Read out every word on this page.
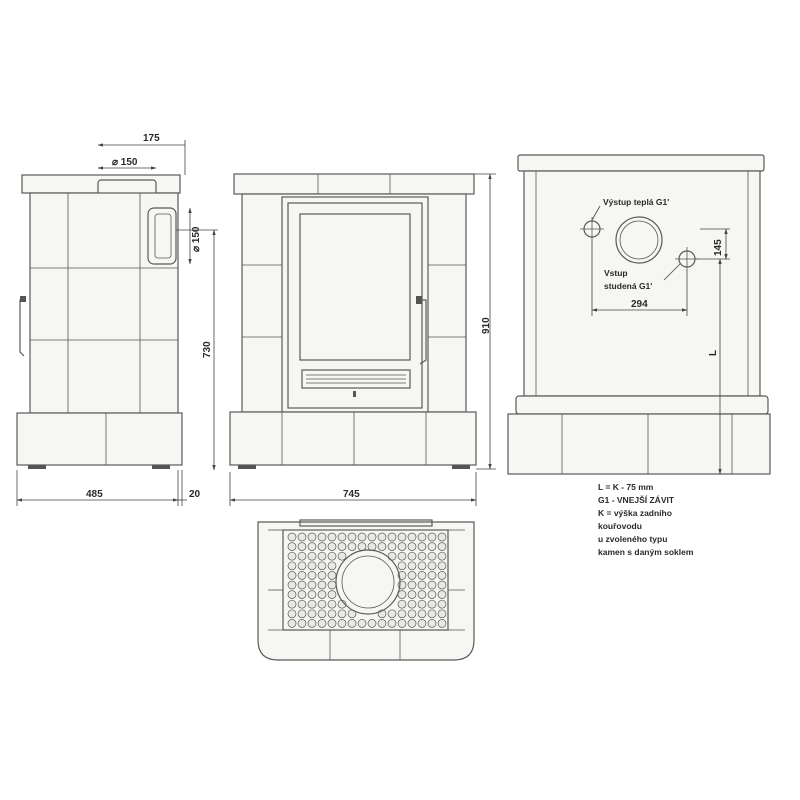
175
⌀ 150
⌀ 150
730
485	20
910
745
Výstup teplá G1'
Vstup
studená G1'
294
145
L
L = K - 75 mm
G1 - VNEJŠÍ ZÁVIT
K = výška zadního
kouřovodu
u zvoleného typu
kamen s daným soklem
